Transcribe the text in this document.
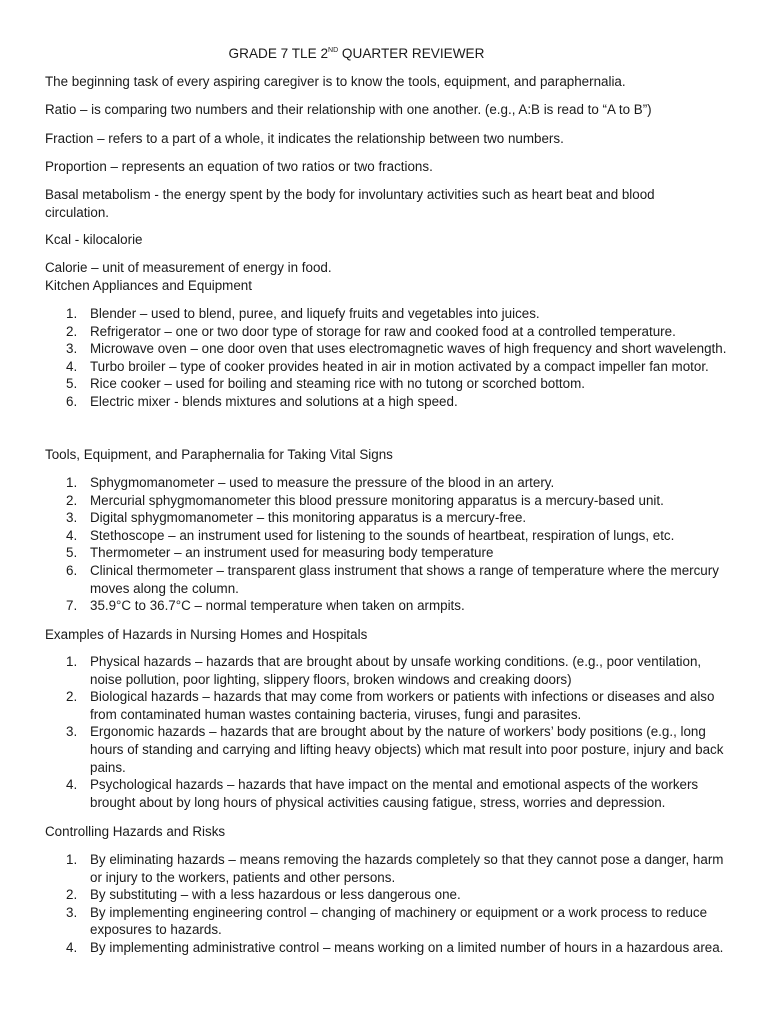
GRADE 7 TLE 2ND QUARTER REVIEWER
The beginning task of every aspiring caregiver is to know the tools, equipment, and paraphernalia.
Ratio – is comparing two numbers and their relationship with one another. (e.g., A:B is read to “A to B”)
Fraction – refers to a part of a whole, it indicates the relationship between two numbers.
Proportion – represents an equation of two ratios or two fractions.
Basal metabolism - the energy spent by the body for involuntary activities such as heart beat and blood circulation.
Kcal - kilocalorie
Calorie – unit of measurement of energy in food.
Kitchen Appliances and Equipment
1. Blender – used to blend, puree, and liquefy fruits and vegetables into juices.
2. Refrigerator – one or two door type of storage for raw and cooked food at a controlled temperature.
3. Microwave oven – one door oven that uses electromagnetic waves of high frequency and short wavelength.
4. Turbo broiler – type of cooker provides heated in air in motion activated by a compact impeller fan motor.
5. Rice cooker – used for boiling and steaming rice with no tutong or scorched bottom.
6. Electric mixer - blends mixtures and solutions at a high speed.
Tools, Equipment, and Paraphernalia for Taking Vital Signs
1. Sphygmomanometer – used to measure the pressure of the blood in an artery.
2. Mercurial sphygmomanometer this blood pressure monitoring apparatus is a mercury-based unit.
3. Digital sphygmomanometer – this monitoring apparatus is a mercury-free.
4. Stethoscope – an instrument used for listening to the sounds of heartbeat, respiration of lungs, etc.
5. Thermometer – an instrument used for measuring body temperature
6. Clinical thermometer – transparent glass instrument that shows a range of temperature where the mercury moves along the column.
7. 35.9°C to 36.7°C – normal temperature when taken on armpits.
Examples of Hazards in Nursing Homes and Hospitals
1. Physical hazards – hazards that are brought about by unsafe working conditions. (e.g., poor ventilation, noise pollution, poor lighting, slippery floors, broken windows and creaking doors)
2. Biological hazards – hazards that may come from workers or patients with infections or diseases and also from contaminated human wastes containing bacteria, viruses, fungi and parasites.
3. Ergonomic hazards – hazards that are brought about by the nature of workers’ body positions (e.g., long hours of standing and carrying and lifting heavy objects) which mat result into poor posture, injury and back pains.
4. Psychological hazards – hazards that have impact on the mental and emotional aspects of the workers brought about by long hours of physical activities causing fatigue, stress, worries and depression.
Controlling Hazards and Risks
1. By eliminating hazards – means removing the hazards completely so that they cannot pose a danger, harm or injury to the workers, patients and other persons.
2. By substituting – with a less hazardous or less dangerous one.
3. By implementing engineering control – changing of machinery or equipment or a work process to reduce exposures to hazards.
4. By implementing administrative control – means working on a limited number of hours in a hazardous area.
